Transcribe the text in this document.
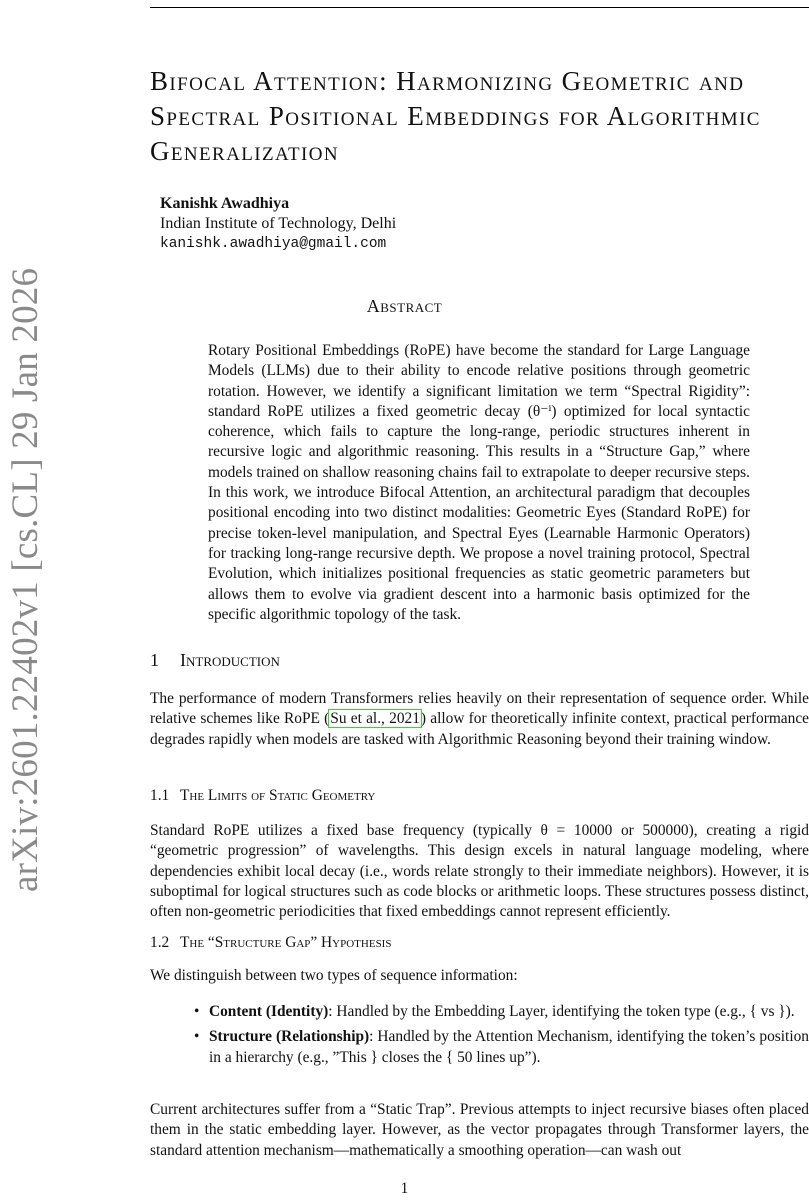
arXiv:2601.22402v1 [cs.CL] 29 Jan 2026
Bifocal Attention: Harmonizing Geometric and Spectral Positional Embeddings for Algorithmic Generalization
Kanishk Awadhiya
Indian Institute of Technology, Delhi
kanishk.awadhiya@gmail.com
Abstract

Rotary Positional Embeddings (RoPE) have become the standard for Large Language Models (LLMs) due to their ability to encode relative positions through geometric rotation. However, we identify a significant limitation we term “Spectral Rigidity”: standard RoPE utilizes a fixed geometric decay (θ⁻ⁱ) optimized for local syntactic coherence, which fails to capture the long-range, periodic structures inherent in recursive logic and algorithmic reasoning. This results in a “Structure Gap,” where models trained on shallow reasoning chains fail to extrapolate to deeper recursive steps. In this work, we introduce Bifocal Attention, an architectural paradigm that decouples positional encoding into two distinct modalities: Geometric Eyes (Standard RoPE) for precise token-level manipulation, and Spectral Eyes (Learnable Harmonic Operators) for tracking long-range recursive depth. We propose a novel training protocol, Spectral Evolution, which initializes positional frequencies as static geometric parameters but allows them to evolve via gradient descent into a harmonic basis optimized for the specific algorithmic topology of the task.

1 Introduction

The performance of modern Transformers relies heavily on their representation of sequence order. While relative schemes like RoPE (Su et al., 2021) allow for theoretically infinite context, practical performance degrades rapidly when models are tasked with Algorithmic Reasoning beyond their training window.

1.1 The Limits of Static Geometry

Standard RoPE utilizes a fixed base frequency (typically θ = 10000 or 500000), creating a rigid “geometric progression” of wavelengths. This design excels in natural language modeling, where dependencies exhibit local decay (i.e., words relate strongly to their immediate neighbors). However, it is suboptimal for logical structures such as code blocks or arithmetic loops. These structures possess distinct, often non-geometric periodicities that fixed embeddings cannot represent efficiently.

1.2 The “Structure Gap” Hypothesis

We distinguish between two types of sequence information:

• Content (Identity): Handled by the Embedding Layer, identifying the token type (e.g., { vs }).
• Structure (Relationship): Handled by the Attention Mechanism, identifying the token’s position in a hierarchy (e.g., ”This } closes the { 50 lines up”).

Current architectures suffer from a “Static Trap”. Previous attempts to inject recursive biases often placed them in the static embedding layer. However, as the vector propagates through Transformer layers, the standard attention mechanism—mathematically a smoothing operation—can wash out

1
